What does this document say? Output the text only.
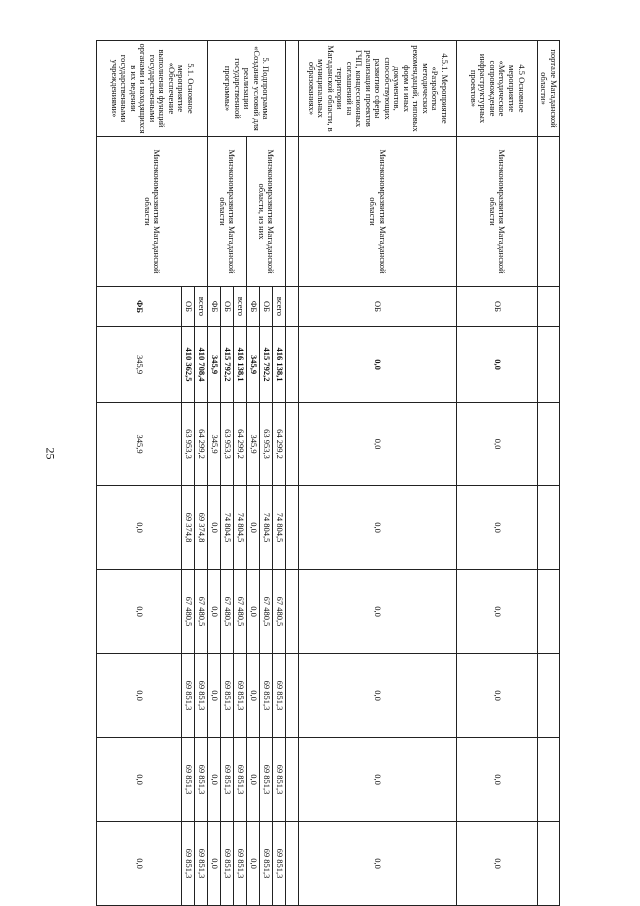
25
портале Магаданской области»									
4.5 Основное мероприятие «Методическое сопровождение инфраструктурных проектов»	Минэкономразвития Магаданской области	ОБ	0,0	0,0	0,0	0,0	0,0	0,0	0,0
4.5.1. Мероприятие «Разработка методических рекомендаций, типовых форм и иных документов, способствующих развитию сферы реализации проектов ГЧП, концессионных соглашений на территории Магаданской области, в муниципальных образованиях»	Минэкономразвития Магаданской области	ОБ	0,0	0,0	0,0	0,0	0,0	0,0	0,0

5. Подпрограмма «Создание условий для реализации государственной программы»	Минэкономразвития Магаданской области, из них	всего	416 138,1	64 299,2	74 804,5	67 480,5	69 851,3	69 851,3	69 851,3
		ОБ	415 792,2	63 953,3	74 804,5	67 480,5	69 851,3	69 851,3	69 851,3
		ФБ	345,9	345,9	0,0	0,0	0,0	0,0	0,0
	Минэкономразвития Магаданской области	всего	416 138,1	64 299,2	74 804,5	67 480,5	69 851,3	69 851,3	69 851,3
		ОБ	415 792,2	63 953,3	74 804,5	67 480,5	69 851,3	69 851,3	69 851,3
		ФБ	345,9	345,9	0,0	0,0	0,0	0,0	0,0
5.1. Основное мероприятие «Обеспечение выполнения функций государственными органами и находящихся в их ведении государственными учреждениями»	Минэкономразвития Магаданской области	всего	410 708,4	64 299,2	69 374,8	67 480,5	69 851,3	69 851,3	69 851,3
		ОБ	410 362,5	63 953,3	69 374,8	67 480,5	69 851,3	69 851,3	69 851,3
		ФБ	345,9	345,9	0,0	0,0	0,0	0,0	0,0
